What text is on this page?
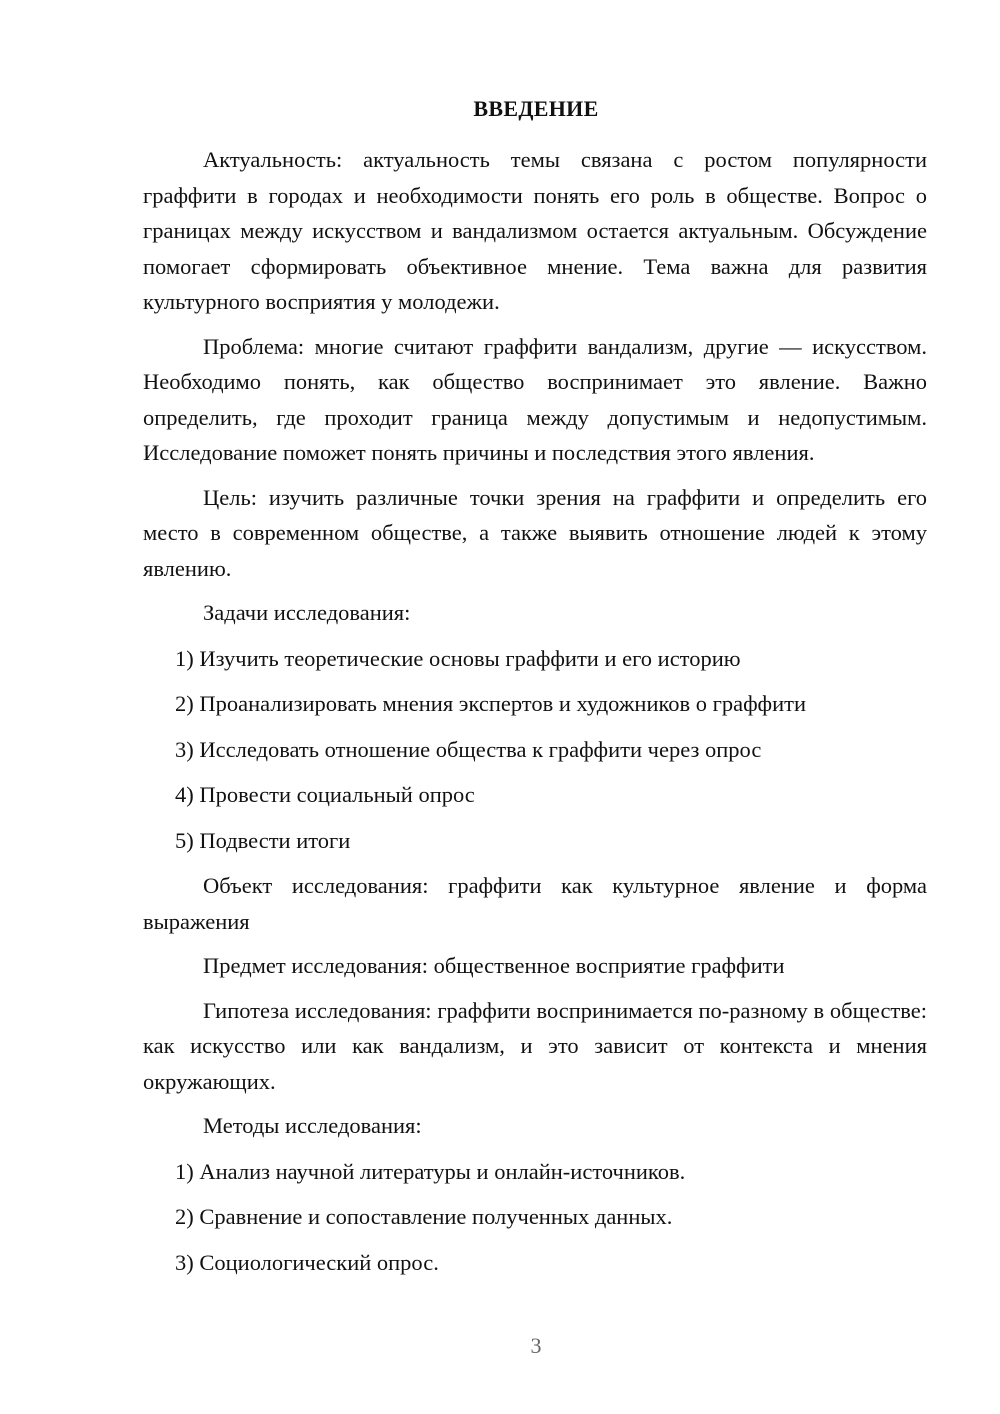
ВВЕДЕНИЕ

Актуальность: актуальность темы связана с ростом популярности граффити в городах и необходимости понять его роль в обществе. Вопрос о границах между искусством и вандализмом остается актуальным. Обсуждение помогает сформировать объективное мнение. Тема важна для развития культурного восприятия у молодежи.

Проблема: многие считают граффити вандализм, другие — искусством. Необходимо понять, как общество воспринимает это явление. Важно определить, где проходит граница между допустимым и недопустимым. Исследование поможет понять причины и последствия этого явления.

Цель: изучить различные точки зрения на граффити и определить его место в современном обществе, а также выявить отношение людей к этому явлению.

Задачи исследования:
1) Изучить теоретические основы граффити и его историю
2) Проанализировать мнения экспертов и художников о граффити
3) Исследовать отношение общества к граффити через опрос
4) Провести социальный опрос
5) Подвести итоги

Объект исследования: граффити как культурное явление и форма выражения

Предмет исследования: общественное восприятие граффити

Гипотеза исследования: граффити воспринимается по-разному в обществе: как искусство или как вандализм, и это зависит от контекста и мнения окружающих.

Методы исследования:
1) Анализ научной литературы и онлайн-источников.
2) Сравнение и сопоставление полученных данных.
3) Социологический опрос.
3
